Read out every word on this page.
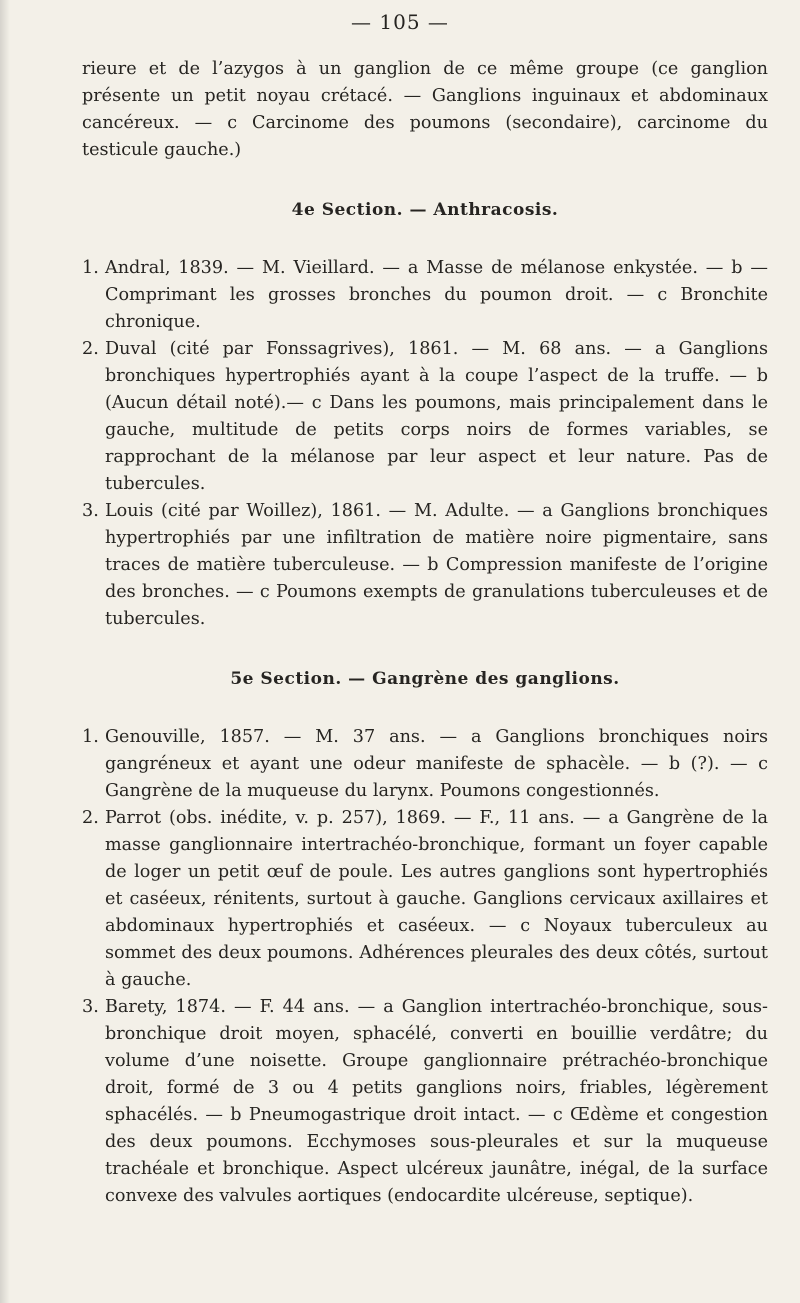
— 105 —

rieure et de l’azygos à un ganglion de ce même groupe (ce ganglion présente un petit noyau crétacé. — Ganglions inguinaux et abdominaux cancéreux. — c Carcinome des poumons (secondaire), carcinome du testicule gauche.)

4e Section. — Anthracosis.
1. Andral, 1839. — M. Vieillard. — a Masse de mélanose enkystée. — b — Comprimant les grosses bronches du poumon droit. — c Bronchite chronique.

2. Duval (cité par Fonssagrives), 1861. — M. 68 ans. — a Ganglions bronchiques hypertrophiés ayant à la coupe l’aspect de la truffe. — b (Aucun détail noté).— c Dans les poumons, mais principalement dans le gauche, multitude de petits corps noirs de formes variables, se rapprochant de la mélanose par leur aspect et leur nature. Pas de tubercules.

3. Louis (cité par Woillez), 1861. — M. Adulte. — a Ganglions bronchiques hypertrophiés par une infiltration de matière noire pigmentaire, sans traces de matière tuberculeuse. — b Compression manifeste de l’origine des bronches. — c Poumons exempts de granulations tuberculeuses et de tubercules.

5e Section. — Gangrène des ganglions.
1. Genouville, 1857. — M. 37 ans. — a Ganglions bronchiques noirs gangréneux et ayant une odeur manifeste de sphacèle. — b (?). — c Gangrène de la muqueuse du larynx. Poumons congestionnés.

2. Parrot (obs. inédite, v. p. 257), 1869. — F., 11 ans. — a Gangrène de la masse ganglionnaire intertrachéo-bronchique, formant un foyer capable de loger un petit œuf de poule. Les autres ganglions sont hypertrophiés et caséeux, rénitents, surtout à gauche. Ganglions cervicaux axillaires et abdominaux hypertrophiés et caséeux. — c Noyaux tuberculeux au sommet des deux poumons. Adhérences pleurales des deux côtés, surtout à gauche.

3. Barety, 1874. — F. 44 ans. — a Ganglion intertrachéo-bronchique, sous-bronchique droit moyen, sphacélé, converti en bouillie verdâtre; du volume d’une noisette. Groupe ganglionnaire prétrachéo-bronchique droit, formé de 3 ou 4 petits ganglions noirs, friables, légèrement sphacélés. — b Pneumogastrique droit intact. — c Œdème et congestion des deux poumons. Ecchymoses sous-pleurales et sur la muqueuse trachéale et bronchique. Aspect ulcéreux jaunâtre, inégal, de la surface convexe des valvules aortiques (endocardite ulcéreuse, septique).
